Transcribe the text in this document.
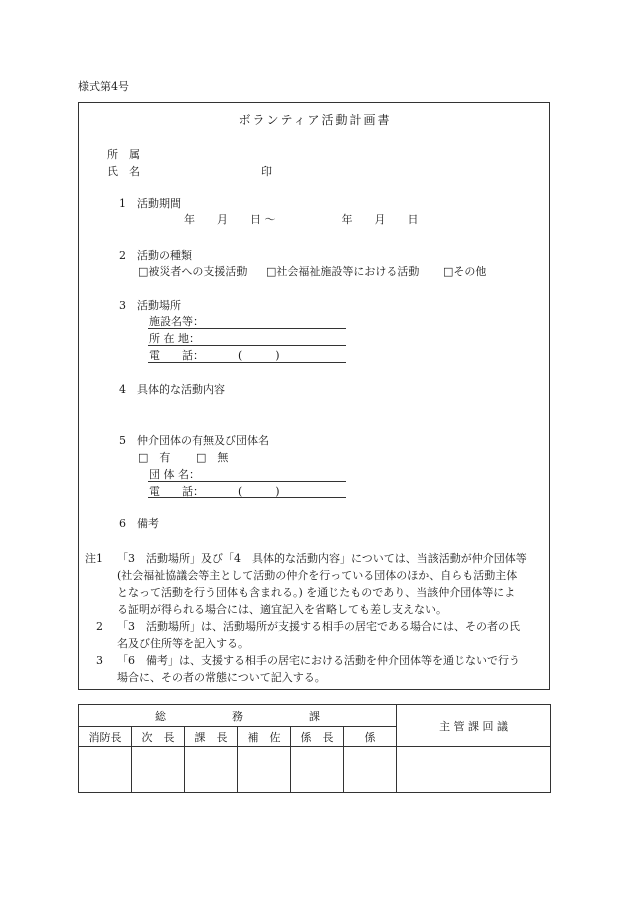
様式第4号
ボランティア活動計画書
所　属
氏　名	印
1　活動期間
年　　月　　日 ～　　　　　　年　　月　　日
2　活動の種類
□被災者への支援活動 □社会福祉施設等における活動 □その他
3　活動場所
施設名等：
所 在 地：
電　　話：	(　　　)
4　具体的な活動内容
5　仲介団体の有無及び団体名
□　有 □　無
団 体 名：
電　　話：	(　　　)
6　備考
注1 「3　活動場所」及び「4　具体的な活動内容」については、当該活動が仲介団体等
(社会福祉協議会等主として活動の仲介を行っている団体のほか、自らも活動主体
となって活動を行う団体も含まれる。) を通じたものであり、当該仲介団体等によ
る証明が得られる場合には、適宜記入を省略しても差し支えない。
2 「3　活動場所」は、活動場所が支援する相手の居宅である場合には、その者の氏
名及び住所等を記入する。
3 「6　備考」は、支援する相手の居宅における活動を仲介団体等を通じないで行う
場合に、その者の常態について記入する。
総　　　　　　務　　　　　　課						主 管 課 回 議
消防長	次　長	課　長	補　佐	係　長	係	
